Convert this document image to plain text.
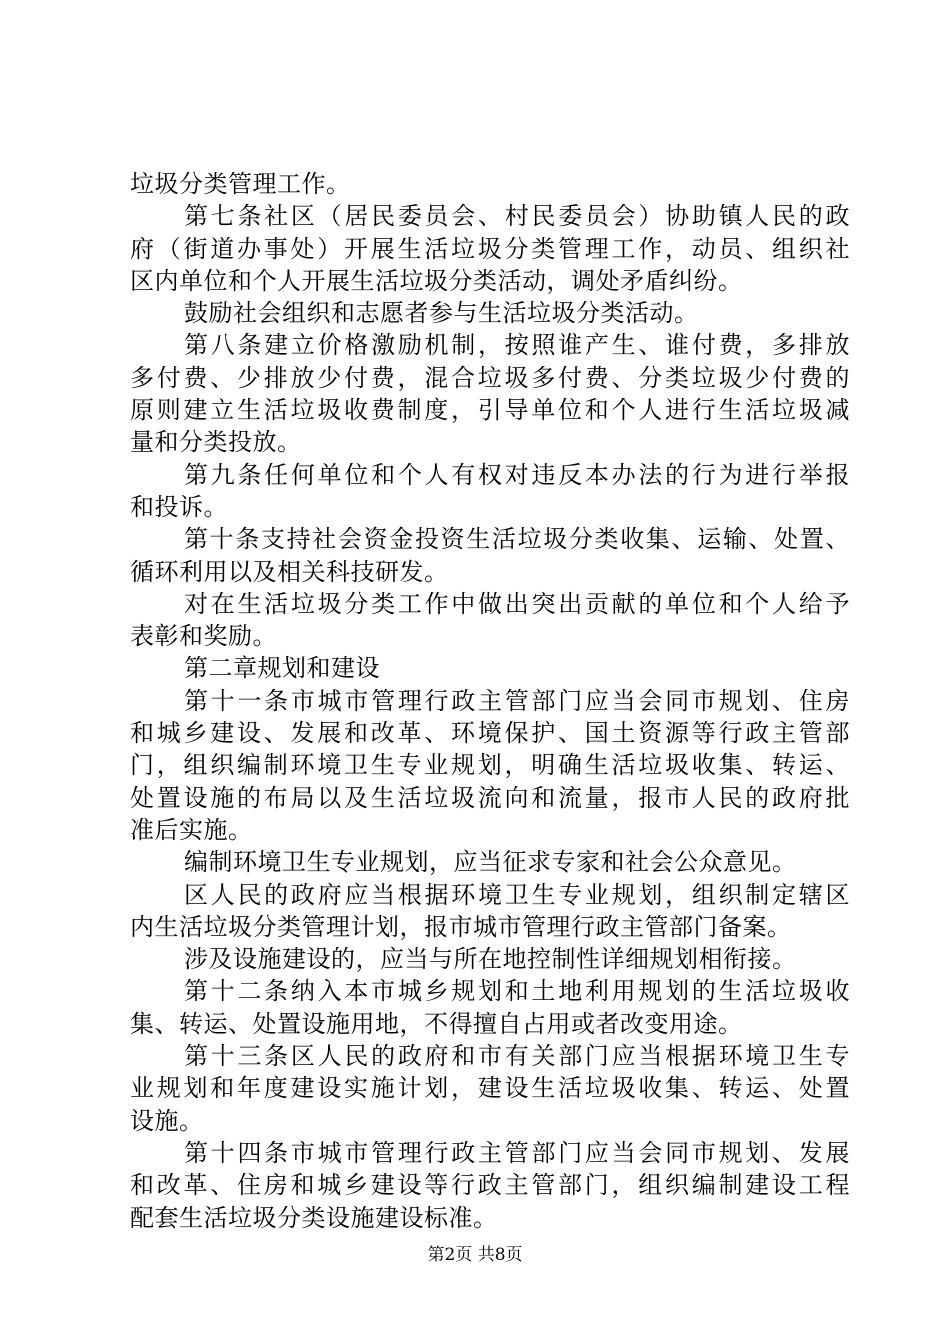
垃圾分类管理工作。
第七条社区（居民委员会、村民委员会）协助镇人民的政
府（街道办事处）开展生活垃圾分类管理工作，动员、组织社
区内单位和个人开展生活垃圾分类活动，调处矛盾纠纷。
鼓励社会组织和志愿者参与生活垃圾分类活动。
第八条建立价格激励机制，按照谁产生、谁付费，多排放
多付费、少排放少付费，混合垃圾多付费、分类垃圾少付费的
原则建立生活垃圾收费制度，引导单位和个人进行生活垃圾减
量和分类投放。
第九条任何单位和个人有权对违反本办法的行为进行举报
和投诉。
第十条支持社会资金投资生活垃圾分类收集、运输、处置、
循环利用以及相关科技研发。
对在生活垃圾分类工作中做出突出贡献的单位和个人给予
表彰和奖励。
第二章规划和建设
第十一条市城市管理行政主管部门应当会同市规划、住房
和城乡建设、发展和改革、环境保护、国土资源等行政主管部
门，组织编制环境卫生专业规划，明确生活垃圾收集、转运、
处置设施的布局以及生活垃圾流向和流量，报市人民的政府批
准后实施。
编制环境卫生专业规划，应当征求专家和社会公众意见。
区人民的政府应当根据环境卫生专业规划，组织制定辖区
内生活垃圾分类管理计划，报市城市管理行政主管部门备案。
涉及设施建设的，应当与所在地控制性详细规划相衔接。
第十二条纳入本市城乡规划和土地利用规划的生活垃圾收
集、转运、处置设施用地，不得擅自占用或者改变用途。
第十三条区人民的政府和市有关部门应当根据环境卫生专
业规划和年度建设实施计划，建设生活垃圾收集、转运、处置
设施。
第十四条市城市管理行政主管部门应当会同市规划、发展
和改革、住房和城乡建设等行政主管部门，组织编制建设工程
配套生活垃圾分类设施建设标准。
第2页 共8页
